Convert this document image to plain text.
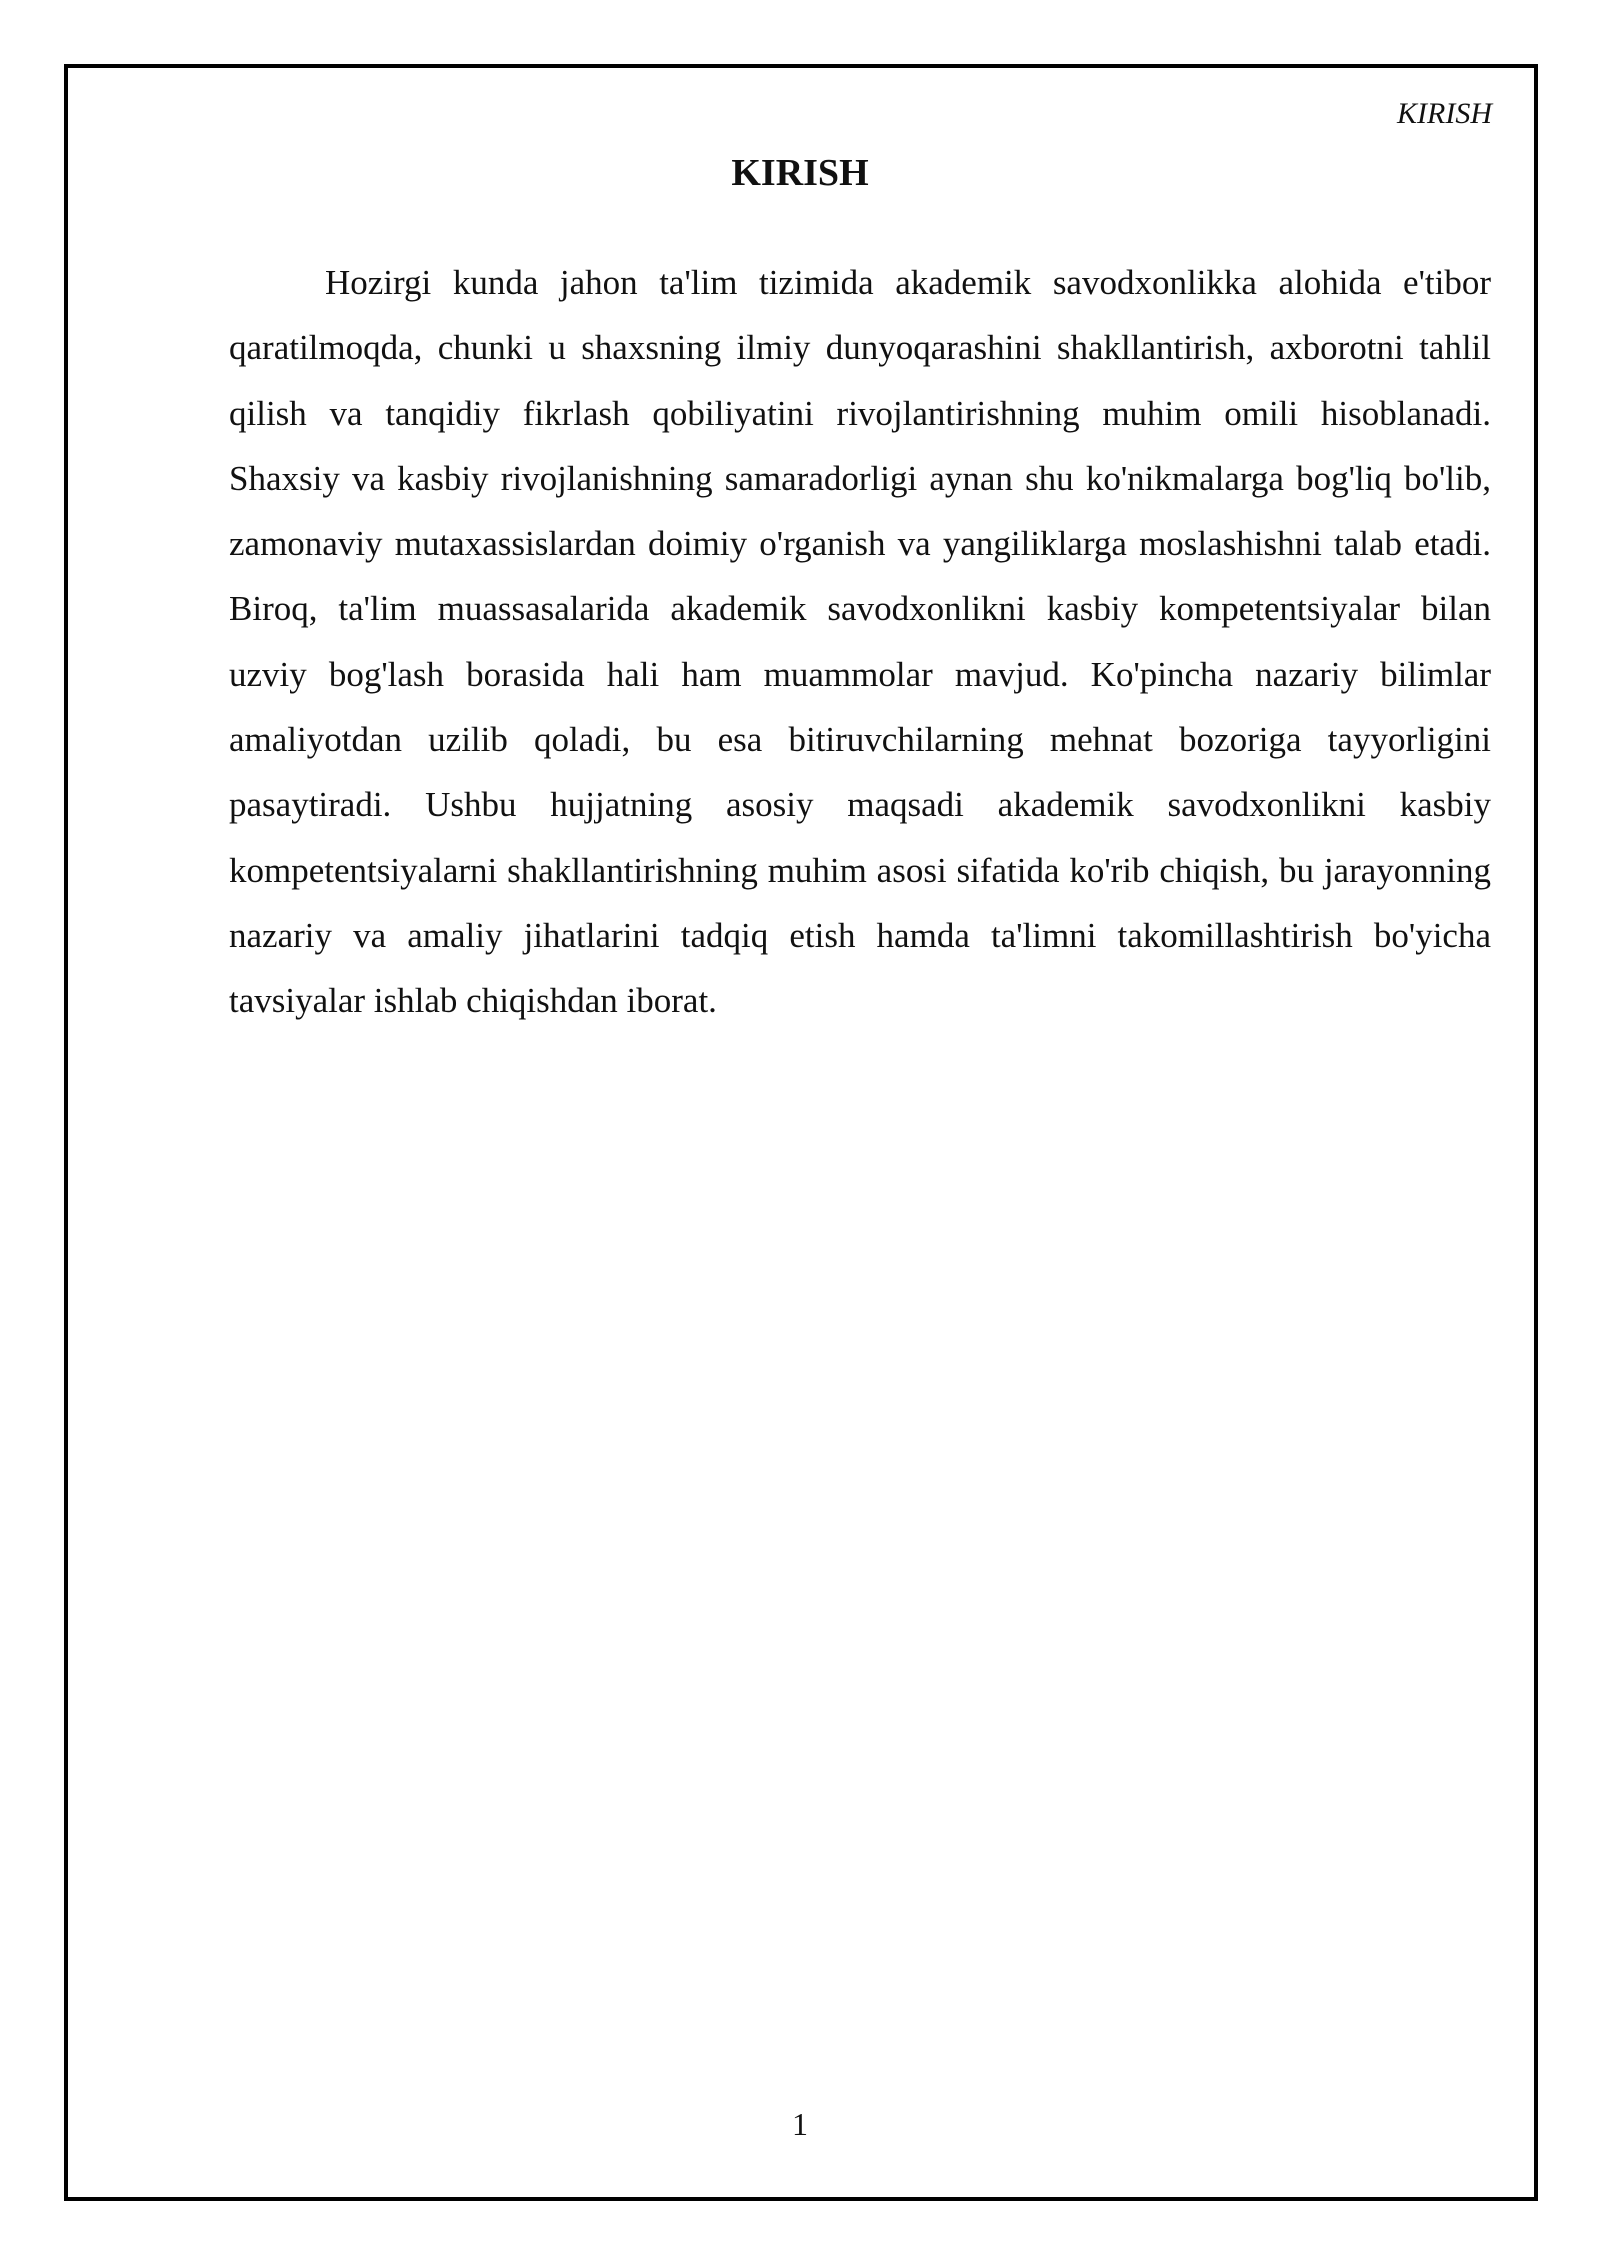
KIRISH
KIRISH

Hozirgi kunda jahon ta'lim tizimida akademik savodxonlikka alohida e'tibor qaratilmoqda, chunki u shaxsning ilmiy dunyoqarashini shakllantirish, axborotni tahlil qilish va tanqidiy fikrlash qobiliyatini rivojlantirishning muhim omili hisoblanadi. Shaxsiy va kasbiy rivojlanishning samaradorligi aynan shu ko'nikmalarga bog'liq bo'lib, zamonaviy mutaxassislardan doimiy o'rganish va yangiliklarga moslashishni talab etadi. Biroq, ta'lim muassasalarida akademik savodxonlikni kasbiy kompetentsiyalar bilan uzviy bog'lash borasida hali ham muammolar mavjud. Ko'pincha nazariy bilimlar amaliyotdan uzilib qoladi, bu esa bitiruvchilarning mehnat bozoriga tayyorligini pasaytiradi. Ushbu hujjatning asosiy maqsadi akademik savodxonlikni kasbiy kompetentsiyalarni shakllantirishning muhim asosi sifatida ko'rib chiqish, bu jarayonning nazariy va amaliy jihatlarini tadqiq etish hamda ta'limni takomillashtirish bo'yicha tavsiyalar ishlab chiqishdan iborat.

1
